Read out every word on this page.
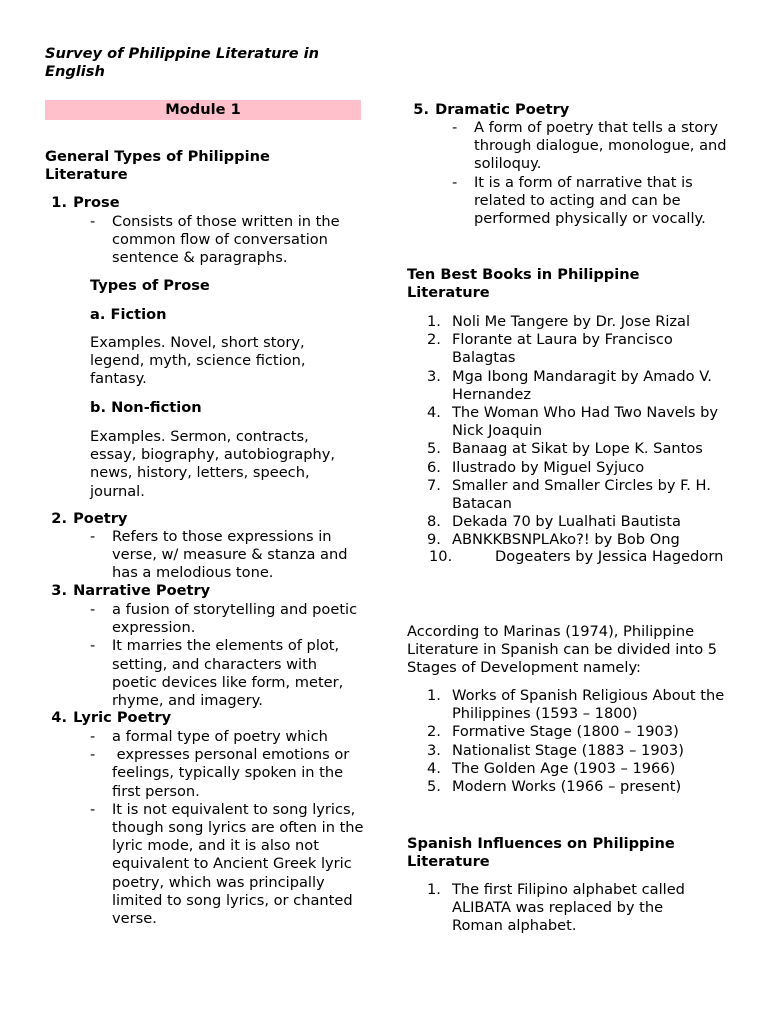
Survey of Philippine Literature in English
Module 1
General Types of Philippine Literature
1. Prose
-	Consists of those written in the common flow of conversation sentence & paragraphs.
Types of Prose
a. Fiction
Examples. Novel, short story, legend, myth, science fiction, fantasy.
b. Non-fiction
Examples. Sermon, contracts, essay, biography, autobiography, news, history, letters, speech, journal.
2. Poetry
-	Refers to those expressions in verse, w/ measure & stanza and has a melodious tone.
3. Narrative Poetry
-	a fusion of storytelling and poetic expression.
-	It marries the elements of plot, setting, and characters with poetic devices like form, meter, rhyme, and imagery.
4. Lyric Poetry
-	a formal type of poetry which
-	expresses personal emotions or feelings, typically spoken in the first person.
-	It is not equivalent to song lyrics, though song lyrics are often in the lyric mode, and it is also not equivalent to Ancient Greek lyric poetry, which was principally limited to song lyrics, or chanted verse.
5. Dramatic Poetry
-	A form of poetry that tells a story through dialogue, monologue, and soliloquy.
-	It is a form of narrative that is related to acting and can be performed physically or vocally.
Ten Best Books in Philippine Literature
1. Noli Me Tangere by Dr. Jose Rizal
2. Florante at Laura by Francisco Balagtas
3. Mga Ibong Mandaragit by Amado V. Hernandez
4. The Woman Who Had Two Navels by Nick Joaquin
5. Banaag at Sikat by Lope K. Santos
6. Ilustrado by Miguel Syjuco
7. Smaller and Smaller Circles by F. H. Batacan
8. Dekada 70 by Lualhati Bautista
9. ABNKKBSNPLAko?! by Bob Ong
10.	Dogeaters by Jessica Hagedorn
According to Marinas (1974), Philippine Literature in Spanish can be divided into 5 Stages of Development namely:
1. Works of Spanish Religious About the Philippines (1593 – 1800)
2. Formative Stage (1800 – 1903)
3. Nationalist Stage (1883 – 1903)
4. The Golden Age (1903 – 1966)
5. Modern Works (1966 – present)
Spanish Influences on Philippine Literature
1. The first Filipino alphabet called ALIBATA was replaced by the Roman alphabet.
